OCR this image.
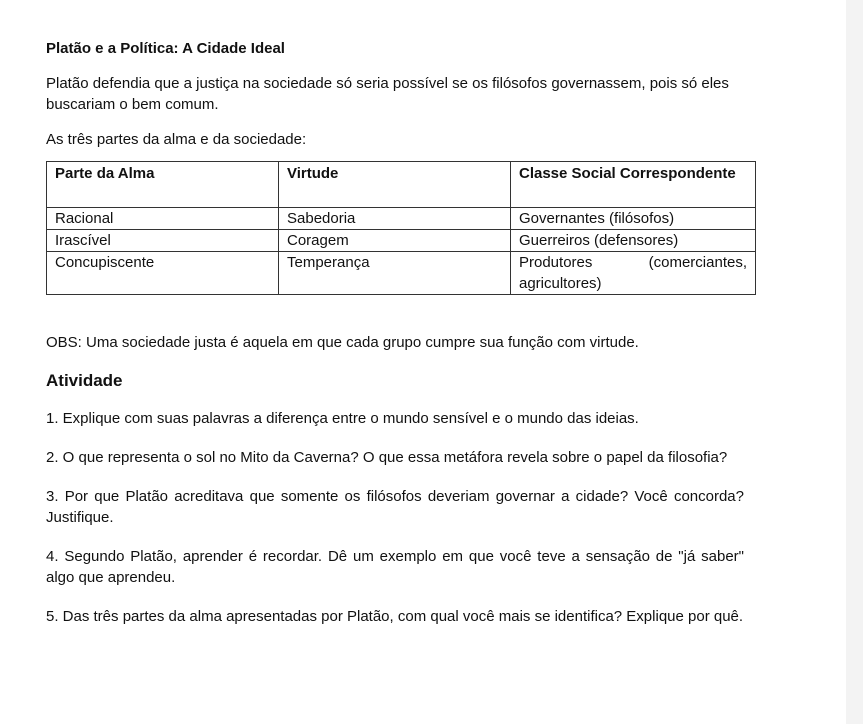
Platão e a Política: A Cidade Ideal

Platão defendia que a justiça na sociedade só seria possível se os filósofos governassem, pois só eles buscariam o bem comum.

As três partes da alma e da sociedade:

Parte da Alma	Virtude	Classe Social Correspondente
Racional	Sabedoria	Governantes (filósofos)
Irascível	Coragem	Guerreiros (defensores)
Concupiscente	Temperança	Produtores (comerciantes, agricultores)

OBS: Uma sociedade justa é aquela em que cada grupo cumpre sua função com virtude.

Atividade

1. Explique com suas palavras a diferença entre o mundo sensível e o mundo das ideias.

2. O que representa o sol no Mito da Caverna? O que essa metáfora revela sobre o papel da filosofia?

3. Por que Platão acreditava que somente os filósofos deveriam governar a cidade? Você concorda? Justifique.

4. Segundo Platão, aprender é recordar. Dê um exemplo em que você teve a sensação de "já saber" algo que aprendeu.

5. Das três partes da alma apresentadas por Platão, com qual você mais se identifica? Explique por quê.
